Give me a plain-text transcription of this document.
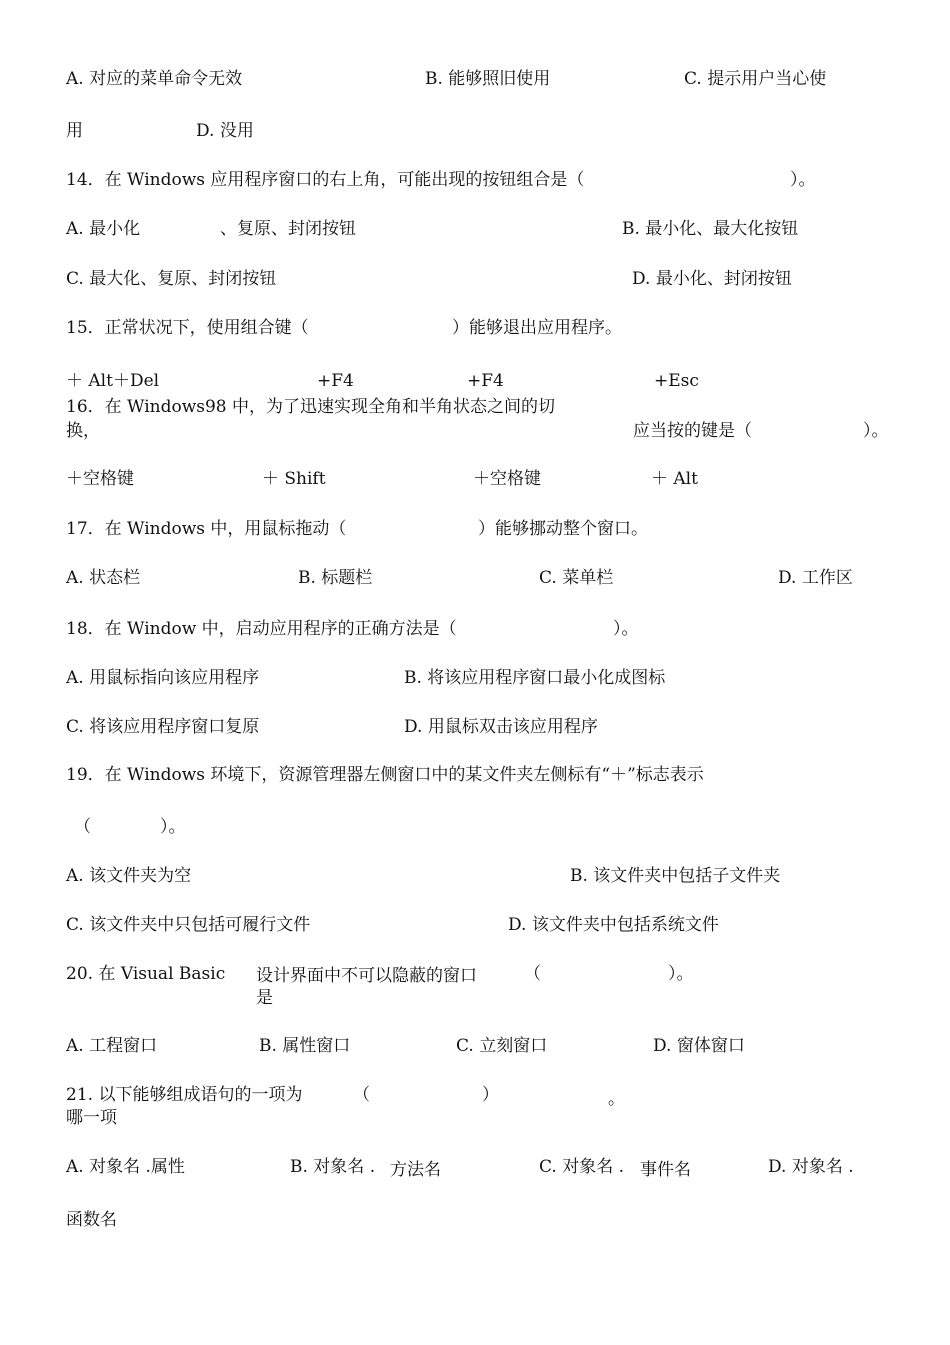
A. 对应的菜单命令无效	B. 能够照旧使用	C. 提示用户当心使
用	D. 没用
14．在 Windows 应用程序窗口的右上角，可能出现的按钮组合是（	）。
A. 最小化	、复原、封闭按钮	B. 最小化、最大化按钮
C. 最大化、复原、封闭按钮	D. 最小化、封闭按钮
15．正常状况下，使用组合键（	）能够退出应用程序。
＋ Alt＋Del	+F4	+F4	+Esc
16．在 Windows98 中，为了迅速实现全角和半角状态之间的切
换，	应当按的键是（	）。
＋空格键	＋ Shift	＋空格键	＋ Alt
17．在 Windows 中，用鼠标拖动（	）能够挪动整个窗口。
A. 状态栏	B. 标题栏	C. 菜单栏	D. 工作区
18．在 Window 中，启动应用程序的正确方法是（	）。
A. 用鼠标指向该应用程序	B. 将该应用程序窗口最小化成图标
C. 将该应用程序窗口复原	D. 用鼠标双击该应用程序
19．在 Windows 环境下，资源管理器左侧窗口中的某文件夹左侧标有“＋”标志表示
（	）。
A. 该文件夹为空	B. 该文件夹中包括子文件夹
C. 该文件夹中只包括可履行文件	D. 该文件夹中包括系统文件
20. 在 Visual Basic 设计界面中不可以隐蔽的窗口
是
（	）。
A. 工程窗口	B. 属性窗口	C. 立刻窗口	D. 窗体窗口
21. 以下能够组成语句的一项为
哪一项
（	）	。
A. 对象名 .属性	B. 对象名 . 方法名	C. 对象名 . 事件名	D. 对象名 .
函数名
